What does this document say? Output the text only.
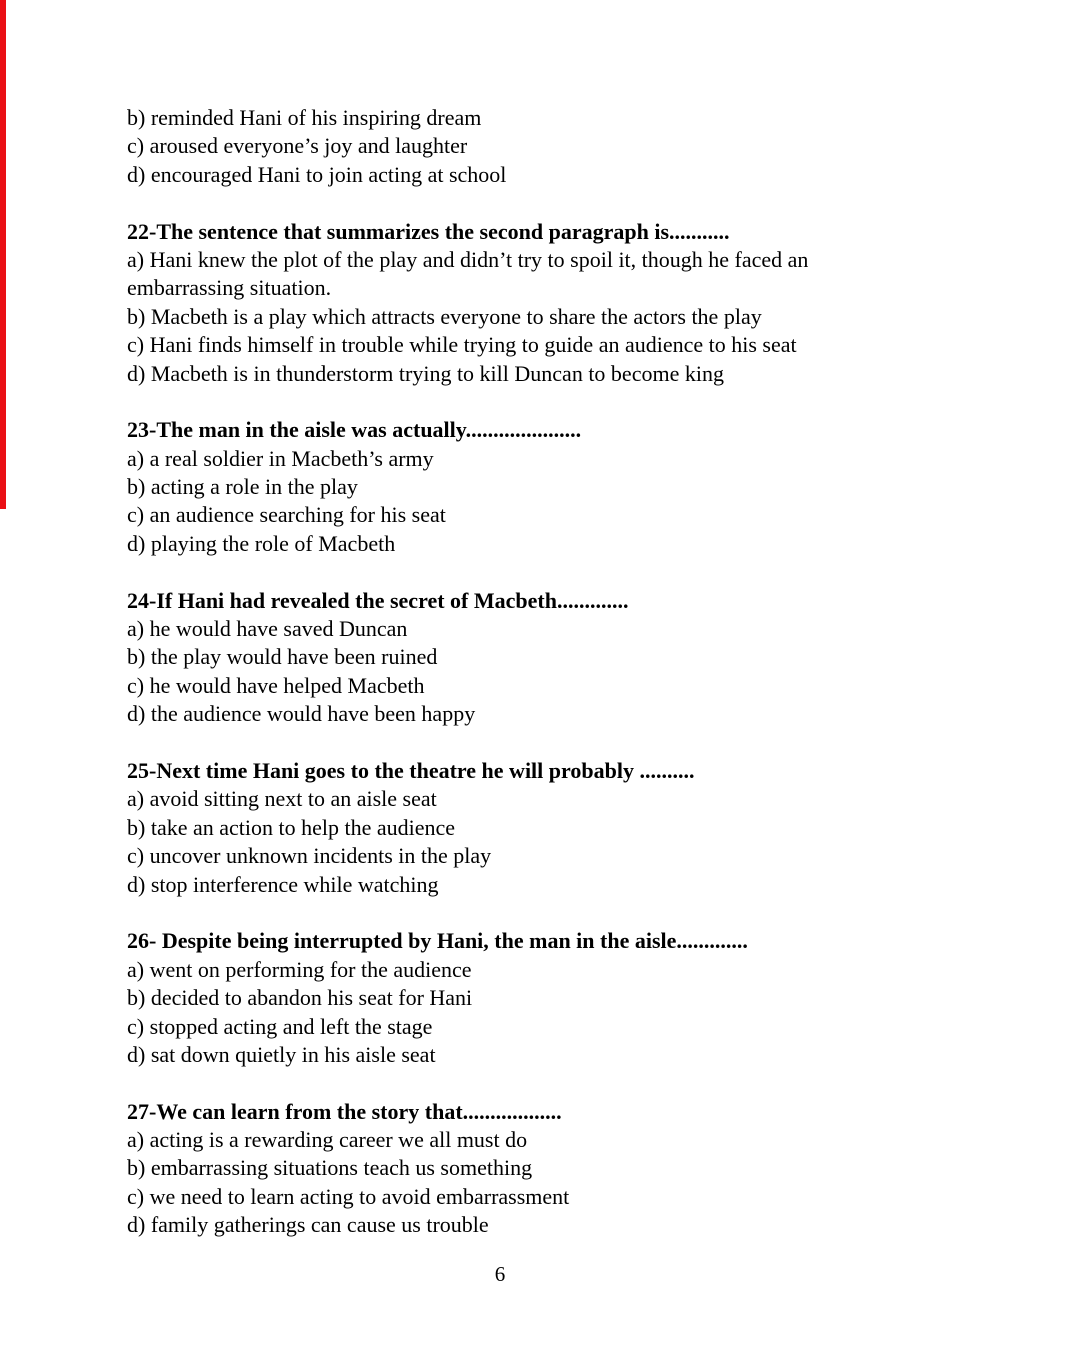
b) reminded Hani of his inspiring dream
c) aroused everyone’s joy and laughter
d) encouraged Hani to join acting at school
22-The sentence that summarizes the second paragraph is...........
a) Hani knew the plot of the play and didn’t try to spoil it, though he faced an
embarrassing situation.
b) Macbeth is a play which attracts everyone to share the actors the play
c) Hani finds himself in trouble while trying to guide an audience to his seat
d) Macbeth is in thunderstorm trying to kill Duncan to become king
23-The man in the aisle was actually.....................
a) a real soldier in Macbeth’s army
b) acting a role in the play
c) an audience searching for his seat
d) playing the role of Macbeth
24-If Hani had revealed the secret of Macbeth.............
a) he would have saved Duncan
b) the play would have been ruined
c) he would have helped Macbeth
d) the audience would have been happy
25-Next time Hani goes to the theatre he will probably ..........
a) avoid sitting next to an aisle seat
b) take an action to help the audience
c) uncover unknown incidents in the play
d) stop interference while watching
26- Despite being interrupted by Hani, the man in the aisle.............
a) went on performing for the audience
b) decided to abandon his seat for Hani
c) stopped acting and left the stage
d) sat down quietly in his aisle seat
27-We can learn from the story that..................
a) acting is a rewarding career we all must do
b) embarrassing situations teach us something
c) we need to learn acting to avoid embarrassment
d) family gatherings can cause us trouble
6
